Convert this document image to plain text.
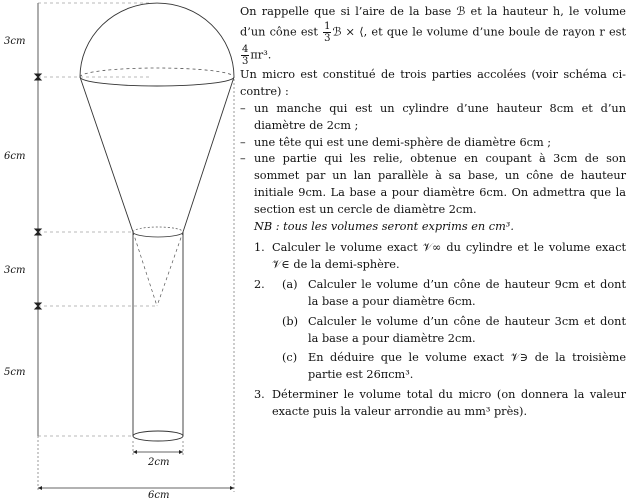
3cm
6cm
3cm
5cm
2cm
6cm

On rappelle que si l’aire de la base ℬ et la hauteur h, le volume d’un cône est $\frac{1}{3}$ ℬ × ⟨, et que le volume d’une boule de rayon r est
$\frac{4}{3} \pi r^3$.

Un micro est constitué de trois parties accolées (voir schéma ci-contre) :

– un manche qui est un cylindre d’une hauteur 8cm et d’un diamètre de 2cm ;
– une tête qui est une demi-sphère de diamètre 6cm ;
– une partie qui les relie, obtenue en coupant à 3cm de son sommet par un lan parallèle à sa base, un cône de hauteur initiale 9cm. La base a pour diamètre 6cm. On admettra que la section est un cercle de diamètre 2cm.

NB : tous les volumes seront exprims en cm³.

1. Calculer le volume exact 𝒱∞ du cylindre et le volume exact 𝒱∈ de la demi-sphère.
2. (a) Calculer le volume d’un cône de hauteur 9cm et dont la base a pour diamètre 6cm.
(b) Calculer le volume d’un cône de hauteur 3cm et dont la base a pour diamètre 2cm.
(c) En déduire que le volume exact 𝒱∋ de la troisième partie est 26πcm³.
3. Déterminer le volume total du micro (on donnera la valeur exacte puis la valeur arrondie au mm³ près).
